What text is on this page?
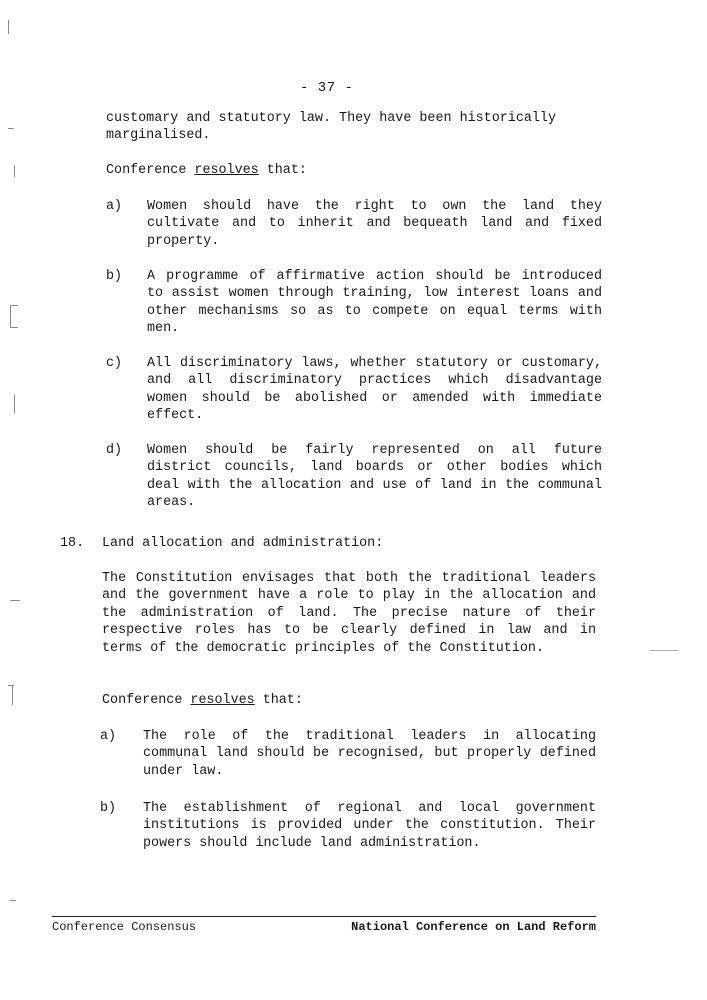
- 37 -
customary and statutory law. They have been historically
marginalised.
Conference resolves that:
a) Women should have the right to own the land they cultivate and to inherit and bequeath land and fixed property.

b) A programme of affirmative action should be introduced to assist women through training, low interest loans and other mechanisms so as to compete on equal terms with men.

c) All discriminatory laws, whether statutory or customary, and all discriminatory practices which disadvantage women should be abolished or amended with immediate effect.

d) Women should be fairly represented on all future district councils, land boards or other bodies which deal with the allocation and use of land in the communal areas.

18. Land allocation and administration:

The Constitution envisages that both the traditional leaders and the government have a role to play in the allocation and the administration of land. The precise nature of their respective roles has to be clearly defined in law and in terms of the democratic principles of the Constitution.

Conference resolves that:
a) The role of the traditional leaders in allocating communal land should be recognised, but properly defined under law.

b) The establishment of regional and local government institutions is provided under the constitution. Their powers should include land administration.

Conference Consensus	National Conference on Land Reform
